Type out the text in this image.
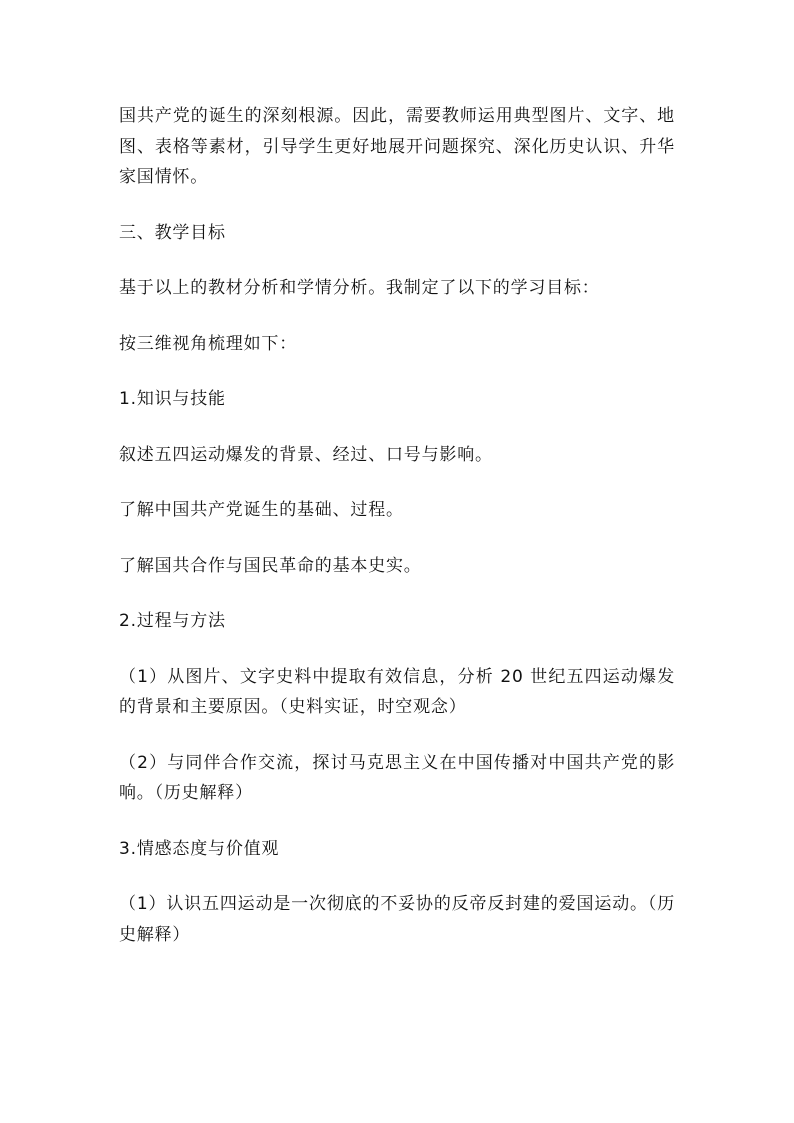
国共产党的诞生的深刻根源。因此，需要教师运用典型图片、文字、地图、表格等素材，引导学生更好地展开问题探究、深化历史认识、升华家国情怀。

三、教学目标

基于以上的教材分析和学情分析。我制定了以下的学习目标：

按三维视角梳理如下：

1.知识与技能

叙述五四运动爆发的背景、经过、口号与影响。

了解中国共产党诞生的基础、过程。

了解国共合作与国民革命的基本史实。

2.过程与方法

（1）从图片、文字史料中提取有效信息，分析 20 世纪五四运动爆发的背景和主要原因。（史料实证，时空观念）

（2）与同伴合作交流，探讨马克思主义在中国传播对中国共产党的影响。（历史解释）

3.情感态度与价值观

（1）认识五四运动是一次彻底的不妥协的反帝反封建的爱国运动。（历史解释）
